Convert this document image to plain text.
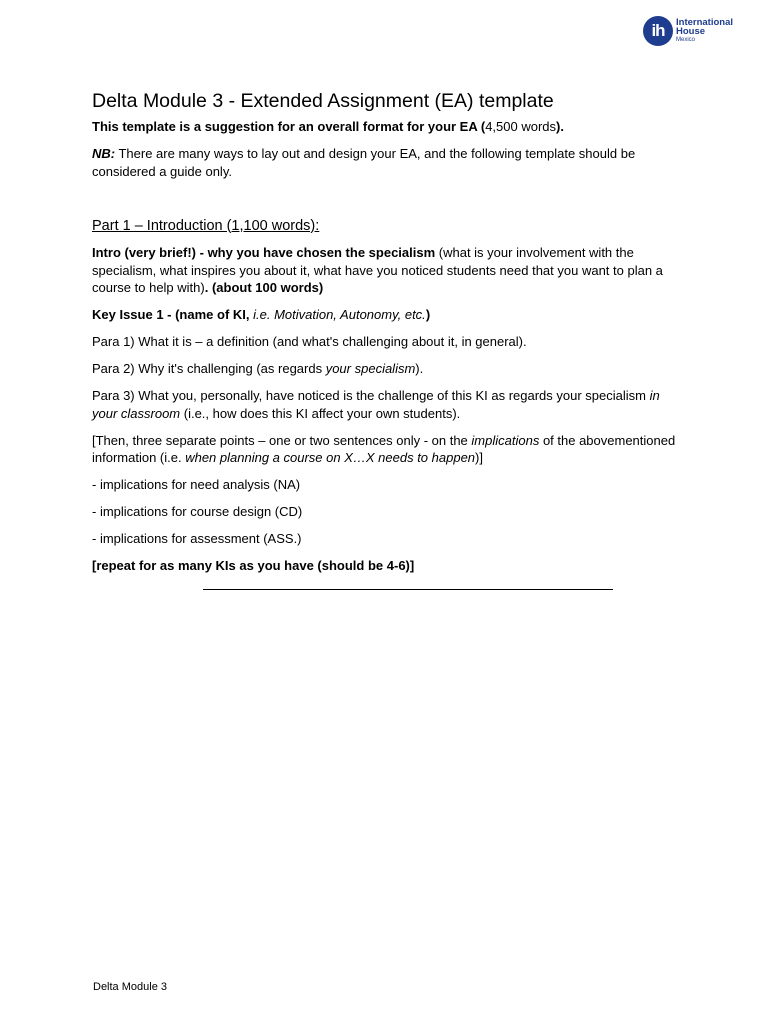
ih	International
House
Mexico
Delta Module 3 - Extended Assignment (EA) template

This template is a suggestion for an overall format for your EA (4,500 words).

NB: There are many ways to lay out and design your EA, and the following template should be considered a guide only.

Part 1 – Introduction (1,100 words):

Intro (very brief!) - why you have chosen the specialism (what is your involvement with the specialism, what inspires you about it, what have you noticed students need that you want to plan a course to help with). (about 100 words)

Key Issue 1 - (name of KI, i.e. Motivation, Autonomy, etc.)

Para 1) What it is – a definition (and what's challenging about it, in general).

Para 2) Why it's challenging (as regards your specialism).

Para 3) What you, personally, have noticed is the challenge of this KI as regards your specialism in your classroom (i.e., how does this KI affect your own students).

[Then, three separate points – one or two sentences only - on the implications of the abovementioned information (i.e. when planning a course on X…X needs to happen)]

- implications for need analysis (NA)

- implications for course design (CD)

- implications for assessment (ASS.)

[repeat for as many KIs as you have (should be 4-6)]

Delta Module 3
